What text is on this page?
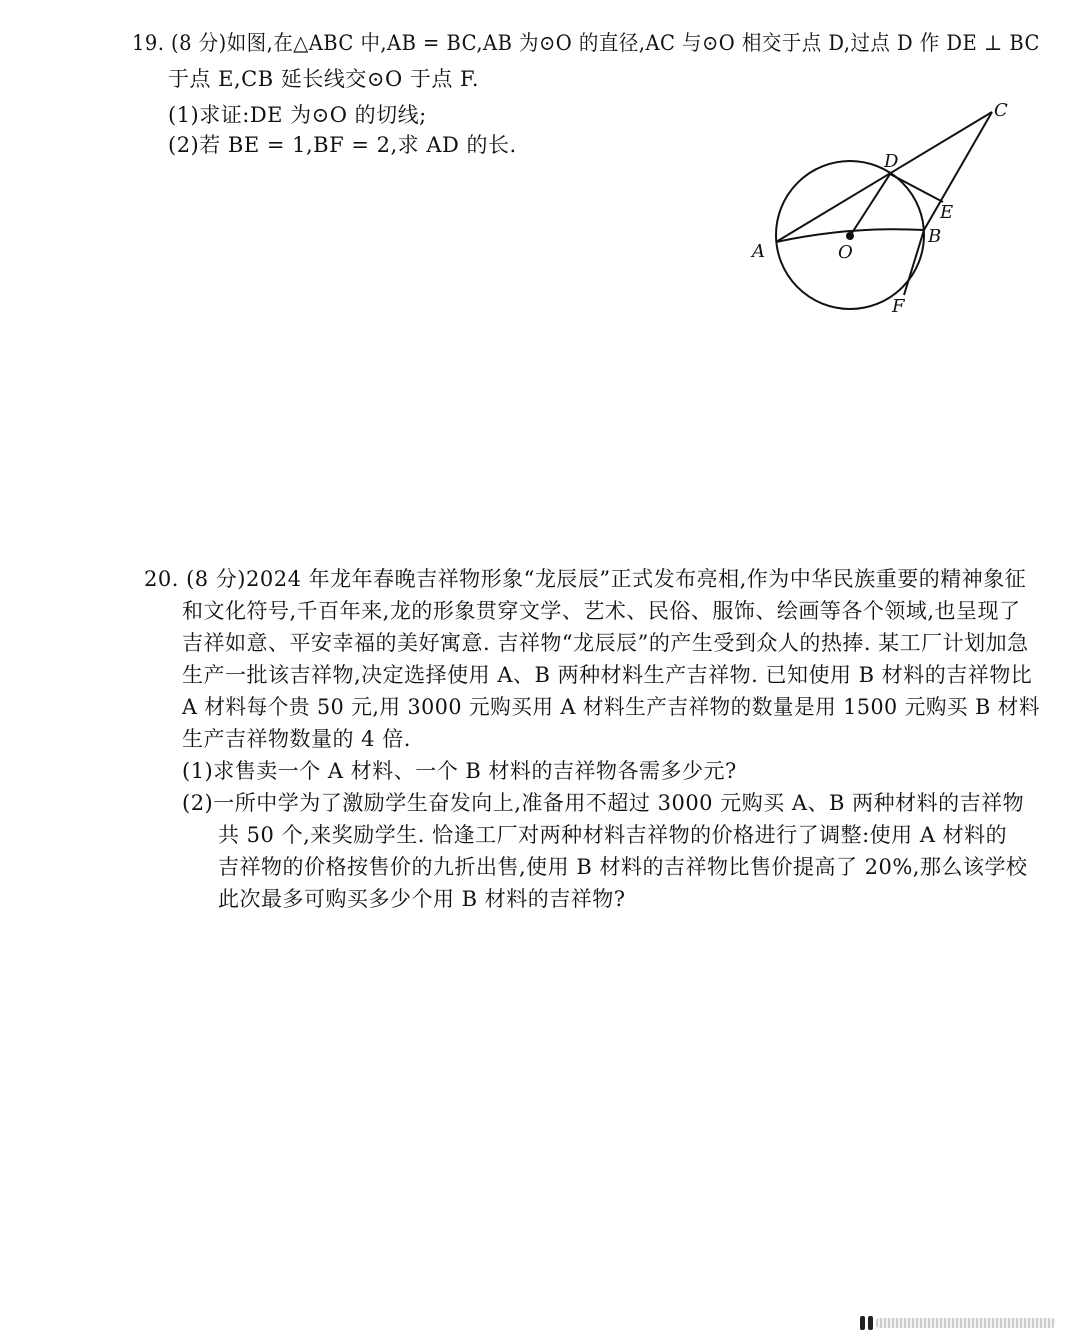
19. (8 分)如图,在△ABC 中,AB = BC,AB 为⊙O 的直径,AC 与⊙O 相交于点 D,过点 D 作 DE ⊥ BC
于点 E,CB 延长线交⊙O 于点 F.
(1)求证:DE 为⊙O 的切线;
(2)若 BE = 1,BF = 2,求 AD 的长.
C
D
E
B
A	O
F
20. (8 分)2024 年龙年春晚吉祥物形象“龙辰辰”正式发布亮相,作为中华民族重要的精神象征
和文化符号,千百年来,龙的形象贯穿文学、艺术、民俗、服饰、绘画等各个领域,也呈现了
吉祥如意、平安幸福的美好寓意. 吉祥物“龙辰辰”的产生受到众人的热捧. 某工厂计划加急
生产一批该吉祥物,决定选择使用 A、B 两种材料生产吉祥物. 已知使用 B 材料的吉祥物比
A 材料每个贵 50 元,用 3000 元购买用 A 材料生产吉祥物的数量是用 1500 元购买 B 材料
生产吉祥物数量的 4 倍.
(1)求售卖一个 A 材料、一个 B 材料的吉祥物各需多少元?
(2)一所中学为了激励学生奋发向上,准备用不超过 3000 元购买 A、B 两种材料的吉祥物
共 50 个,来奖励学生. 恰逢工厂对两种材料吉祥物的价格进行了调整:使用 A 材料的
吉祥物的价格按售价的九折出售,使用 B 材料的吉祥物比售价提高了 20%,那么该学校
此次最多可购买多少个用 B 材料的吉祥物?
